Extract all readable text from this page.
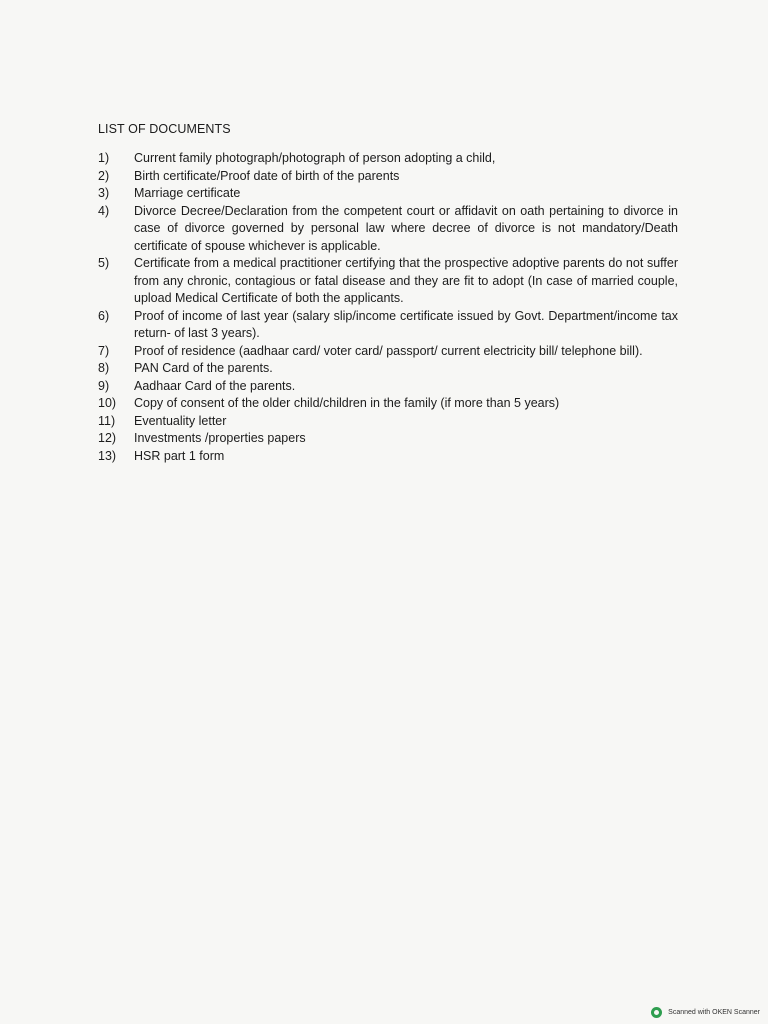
LIST OF DOCUMENTS
1)	Current family photograph/photograph of person adopting a child,
2)	Birth certificate/Proof date of birth of the parents
3)	Marriage certificate
4)	Divorce Decree/Declaration from the competent court or affidavit on oath pertaining to divorce in case of divorce governed by personal law where decree of divorce is not mandatory/Death certificate of spouse whichever is applicable.
5)	Certificate from a medical practitioner certifying that the prospective adoptive parents do not suffer from any chronic, contagious or fatal disease and they are fit to adopt (In case of married couple, upload Medical Certificate of both the applicants.
6)	Proof of income of last year (salary slip/income certificate issued by Govt. Department/income tax return- of last 3 years).
7)	Proof of residence (aadhaar card/ voter card/ passport/ current electricity bill/ telephone bill).
8)	PAN Card of the parents.
9)	Aadhaar Card of the parents.
10)	Copy of consent of the older child/children in the family (if more than 5 years)
11)	Eventuality letter
12)	Investments /properties papers
13)	HSR part 1 form
Scanned with OKEN Scanner
